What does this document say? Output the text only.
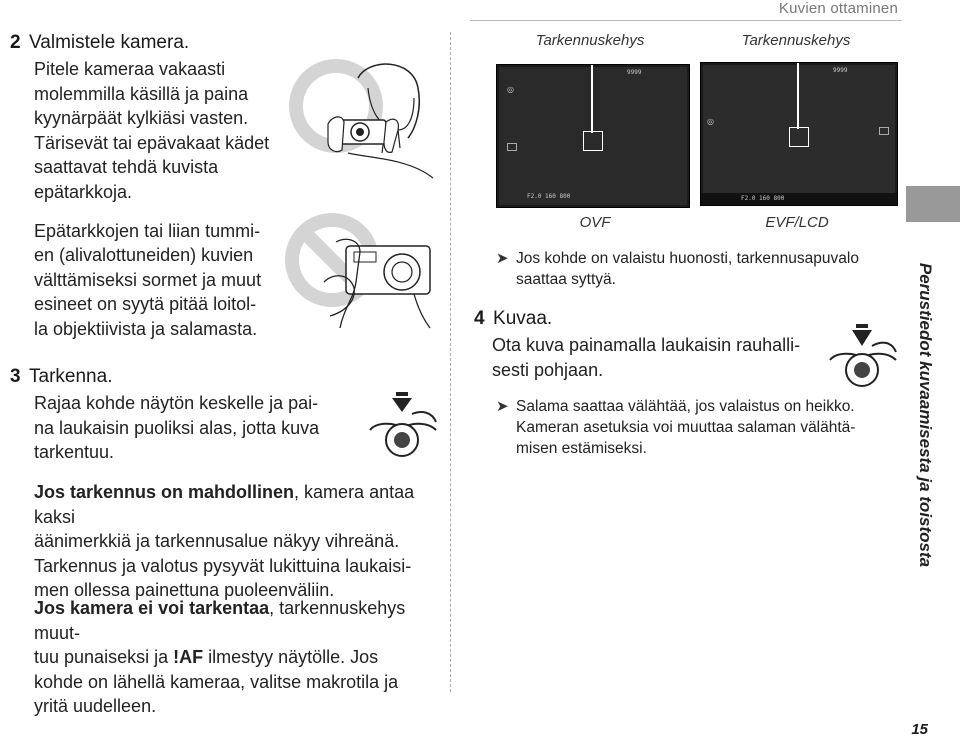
Kuvien ottaminen
Perustiedot kuvaamisesta ja toistosta
2 Valmistele kamera.
Pitele kameraa vakaasti
molemmilla käsillä ja paina
kyynärpäät kylkiäsi vasten.
Tärisevät tai epävakaat kädet
saattavat tehdä kuvista
epätarkkoja.
Epätarkkojen tai liian tummi-
en (alivalottuneiden) kuvien
välttämiseksi sormet ja muut
esineet on syytä pitää loitol-
la objektiivista ja salamasta.
3 Tarkenna.
Rajaa kohde näytön keskelle ja pai-
na laukaisin puoliksi alas, jotta kuva
tarkentuu.
Jos tarkennus on mahdollinen, kamera antaa kaksi
äänimerkkiä ja tarkennusalue näkyy vihreänä.
Tarkennus ja valotus pysyvät lukittuina laukaisi-
men ollessa painettuna puoleenväliin.
Jos kamera ei voi tarkentaa, tarkennuskehys muut-
tuu punaiseksi ja !AF ilmestyy näytölle. Jos
kohde on lähellä kameraa, valitse makrotila ja
yritä uudelleen.
Tarkennuskehys	Tarkennuskehys
9999
◎
F2.0 160 800
9999
◎
F2.0 160 800
OVF	EVF/LCD
➤ Jos kohde on valaistu huonosti, tarkennusapuvalo
saattaa syttyä.
4 Kuvaa.
Ota kuva painamalla laukaisin rauhalli-
sesti pohjaan.
➤ Salama saattaa välähtää, jos valaistus on heikko.
Kameran asetuksia voi muuttaa salaman välähtä-
misen estämiseksi.
15
